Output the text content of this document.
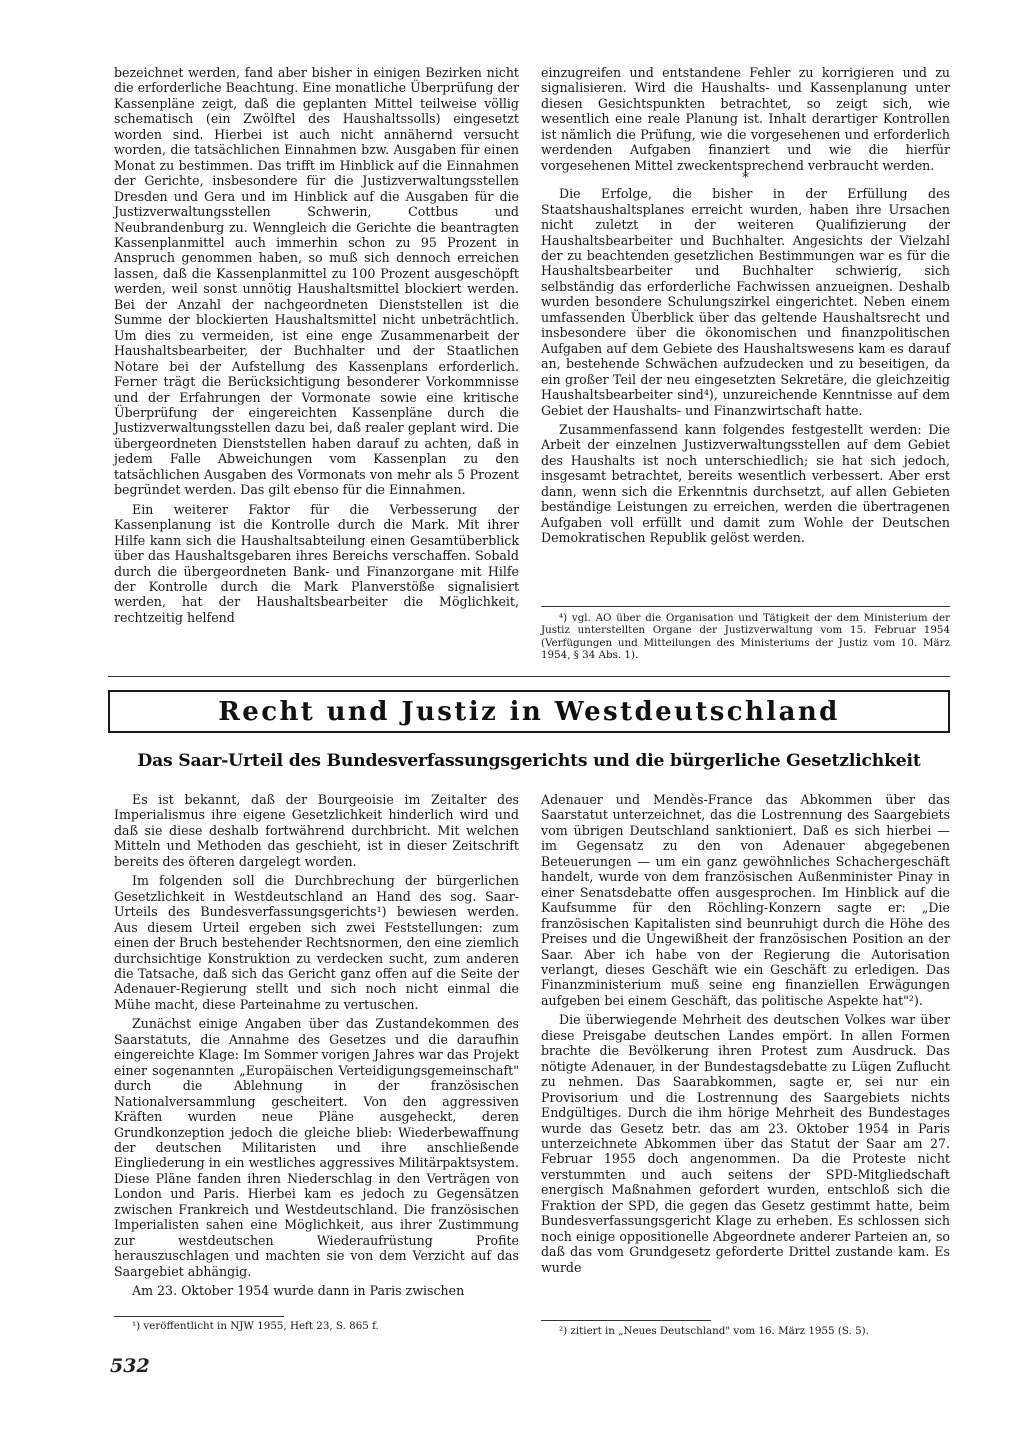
bezeichnet werden, fand aber bisher in einigen Bezirken nicht die erforderliche Beachtung. Eine monatliche Überprüfung der Kassenpläne zeigt, daß die geplanten Mittel teilweise völlig schematisch (ein Zwölftel des Haushaltssolls) eingesetzt worden sind. Hierbei ist auch nicht annähernd versucht worden, die tatsächlichen Einnahmen bzw. Ausgaben für einen Monat zu bestimmen. Das trifft im Hinblick auf die Einnahmen der Gerichte, insbesondere für die Justizverwaltungsstellen Dresden und Gera und im Hinblick auf die Ausgaben für die Justizverwaltungsstellen Schwerin, Cottbus und Neubrandenburg zu. Wenngleich die Gerichte die beantragten Kassenplanmittel auch immerhin schon zu 95 Prozent in Anspruch genommen haben, so muß sich dennoch erreichen lassen, daß die Kassenplanmittel zu 100 Prozent ausgeschöpft werden, weil sonst unnötig Haushaltsmittel blockiert werden. Bei der Anzahl der nachgeordneten Dienststellen ist die Summe der blockierten Haushaltsmittel nicht unbeträchtlich. Um dies zu vermeiden, ist eine enge Zusammenarbeit der Haushaltsbearbeiter, der Buchhalter und der Staatlichen Notare bei der Aufstellung des Kassenplans erforderlich. Ferner trägt die Berücksichtigung besonderer Vorkommnisse und der Erfahrungen der Vormonate sowie eine kritische Überprüfung der eingereichten Kassenpläne durch die Justizverwaltungsstellen dazu bei, daß realer geplant wird. Die übergeordneten Dienststellen haben darauf zu achten, daß in jedem Falle Abweichungen vom Kassenplan zu den tatsächlichen Ausgaben des Vormonats von mehr als 5 Prozent begründet werden. Das gilt ebenso für die Einnahmen.

Ein weiterer Faktor für die Verbesserung der Kassenplanung ist die Kontrolle durch die Mark. Mit ihrer Hilfe kann sich die Haushaltsabteilung einen Gesamtüberblick über das Haushaltsgebaren ihres Bereichs verschaffen. Sobald durch die übergeordneten Bank- und Finanzorgane mit Hilfe der Kontrolle durch die Mark Planverstöße signalisiert werden, hat der Haushaltsbearbeiter die Möglichkeit, rechtzeitig helfend

einzugreifen und entstandene Fehler zu korrigieren und zu signalisieren. Wird die Haushalts- und Kassenplanung unter diesen Gesichtspunkten betrachtet, so zeigt sich, wie wesentlich eine reale Planung ist. Inhalt derartiger Kontrollen ist nämlich die Prüfung, wie die vorgesehenen und erforderlich werdenden Aufgaben finanziert und wie die hierfür vorgesehenen Mittel zweckentsprechend verbraucht werden.

*

Die Erfolge, die bisher in der Erfüllung des Staatshaushaltsplanes erreicht wurden, haben ihre Ursachen nicht zuletzt in der weiteren Qualifizierung der Haushaltsbearbeiter und Buchhalter. Angesichts der Vielzahl der zu beachtenden gesetzlichen Bestimmungen war es für die Haushaltsbearbeiter und Buchhalter schwierig, sich selbständig das erforderliche Fachwissen anzueignen. Deshalb wurden besondere Schulungszirkel eingerichtet. Neben einem umfassenden Überblick über das geltende Haushaltsrecht und insbesondere über die ökonomischen und finanzpolitischen Aufgaben auf dem Gebiete des Haushaltswesens kam es darauf an, bestehende Schwächen aufzudecken und zu beseitigen, da ein großer Teil der neu eingesetzten Sekretäre, die gleichzeitig Haushaltsbearbeiter sind⁴), unzureichende Kenntnisse auf dem Gebiet der Haushalts- und Finanzwirtschaft hatte.

Zusammenfassend kann folgendes festgestellt werden: Die Arbeit der einzelnen Justizverwaltungsstellen auf dem Gebiet des Haushalts ist noch unterschiedlich; sie hat sich jedoch, insgesamt betrachtet, bereits wesentlich verbessert. Aber erst dann, wenn sich die Erkenntnis durchsetzt, auf allen Gebieten beständige Leistungen zu erreichen, werden die übertragenen Aufgaben voll erfüllt und damit zum Wohle der Deutschen Demokratischen Republik gelöst werden.

⁴) vgl. AO über die Organisation und Tätigkeit der dem Ministerium der Justiz unterstellten Organe der Justizverwaltung vom 15. Februar 1954 (Verfügungen und Mitteilungen des Ministeriums der Justiz vom 10. März 1954, § 34 Abs. 1).

Recht und Justiz in Westdeutschland
Das Saar-Urteil des Bundesverfassungsgerichts und die bürgerliche Gesetzlichkeit

Es ist bekannt, daß der Bourgeoisie im Zeitalter des Imperialismus ihre eigene Gesetzlichkeit hinderlich wird und daß sie diese deshalb fortwährend durchbricht. Mit welchen Mitteln und Methoden das geschieht, ist in dieser Zeitschrift bereits des öfteren dargelegt worden.

Im folgenden soll die Durchbrechung der bürgerlichen Gesetzlichkeit in Westdeutschland an Hand des sog. Saar-Urteils des Bundesverfassungsgerichts¹) bewiesen werden. Aus diesem Urteil ergeben sich zwei Feststellungen: zum einen der Bruch bestehender Rechtsnormen, den eine ziemlich durchsichtige Konstruktion zu verdecken sucht, zum anderen die Tatsache, daß sich das Gericht ganz offen auf die Seite der Adenauer-Regierung stellt und sich noch nicht einmal die Mühe macht, diese Parteinahme zu vertuschen.

Zunächst einige Angaben über das Zustandekommen des Saarstatuts, die Annahme des Gesetzes und die daraufhin eingereichte Klage: Im Sommer vorigen Jahres war das Projekt einer sogenannten „Europäischen Verteidigungsgemeinschaft" durch die Ablehnung in der französischen Nationalversammlung gescheitert. Von den aggressiven Kräften wurden neue Pläne ausgeheckt, deren Grundkonzeption jedoch die gleiche blieb: Wiederbewaffnung der deutschen Militaristen und ihre anschließende Eingliederung in ein westliches aggressives Militärpaktsystem. Diese Pläne fanden ihren Niederschlag in den Verträgen von London und Paris. Hierbei kam es jedoch zu Gegensätzen zwischen Frankreich und Westdeutschland. Die französischen Imperialisten sahen eine Möglichkeit, aus ihrer Zustimmung zur westdeutschen Wiederaufrüstung Profite herauszuschlagen und machten sie von dem Verzicht auf das Saargebiet abhängig.

Am 23. Oktober 1954 wurde dann in Paris zwischen

Adenauer und Mendès-France das Abkommen über das Saarstatut unterzeichnet, das die Lostrennung des Saargebiets vom übrigen Deutschland sanktioniert. Daß es sich hierbei — im Gegensatz zu den von Adenauer abgegebenen Beteuerungen — um ein ganz gewöhnliches Schachergeschäft handelt, wurde von dem französischen Außenminister Pinay in einer Senatsdebatte offen ausgesprochen. Im Hinblick auf die Kaufsumme für den Röchling-Konzern sagte er: „Die französischen Kapitalisten sind beunruhigt durch die Höhe des Preises und die Ungewißheit der französischen Position an der Saar. Aber ich habe von der Regierung die Autorisation verlangt, dieses Geschäft wie ein Geschäft zu erledigen. Das Finanzministerium muß seine eng finanziellen Erwägungen aufgeben bei einem Geschäft, das politische Aspekte hat"²).

Die überwiegende Mehrheit des deutschen Volkes war über diese Preisgabe deutschen Landes empört. In allen Formen brachte die Bevölkerung ihren Protest zum Ausdruck. Das nötigte Adenauer, in der Bundestagsdebatte zu Lügen Zuflucht zu nehmen. Das Saarabkommen, sagte er, sei nur ein Provisorium und die Lostrennung des Saargebiets nichts Endgültiges. Durch die ihm hörige Mehrheit des Bundestages wurde das Gesetz betr. das am 23. Oktober 1954 in Paris unterzeichnete Abkommen über das Statut der Saar am 27. Februar 1955 doch angenommen. Da die Proteste nicht verstummten und auch seitens der SPD-Mitgliedschaft energisch Maßnahmen gefordert wurden, entschloß sich die Fraktion der SPD, die gegen das Gesetz gestimmt hatte, beim Bundesverfassungsgericht Klage zu erheben. Es schlossen sich noch einige oppositionelle Abgeordnete anderer Parteien an, so daß das vom Grundgesetz geforderte Drittel zustande kam. Es wurde

¹) veröffentlicht in NJW 1955, Heft 23, S. 865 f.	²) zitiert in „Neues Deutschland" vom 16. März 1955 (S. 5).

532
